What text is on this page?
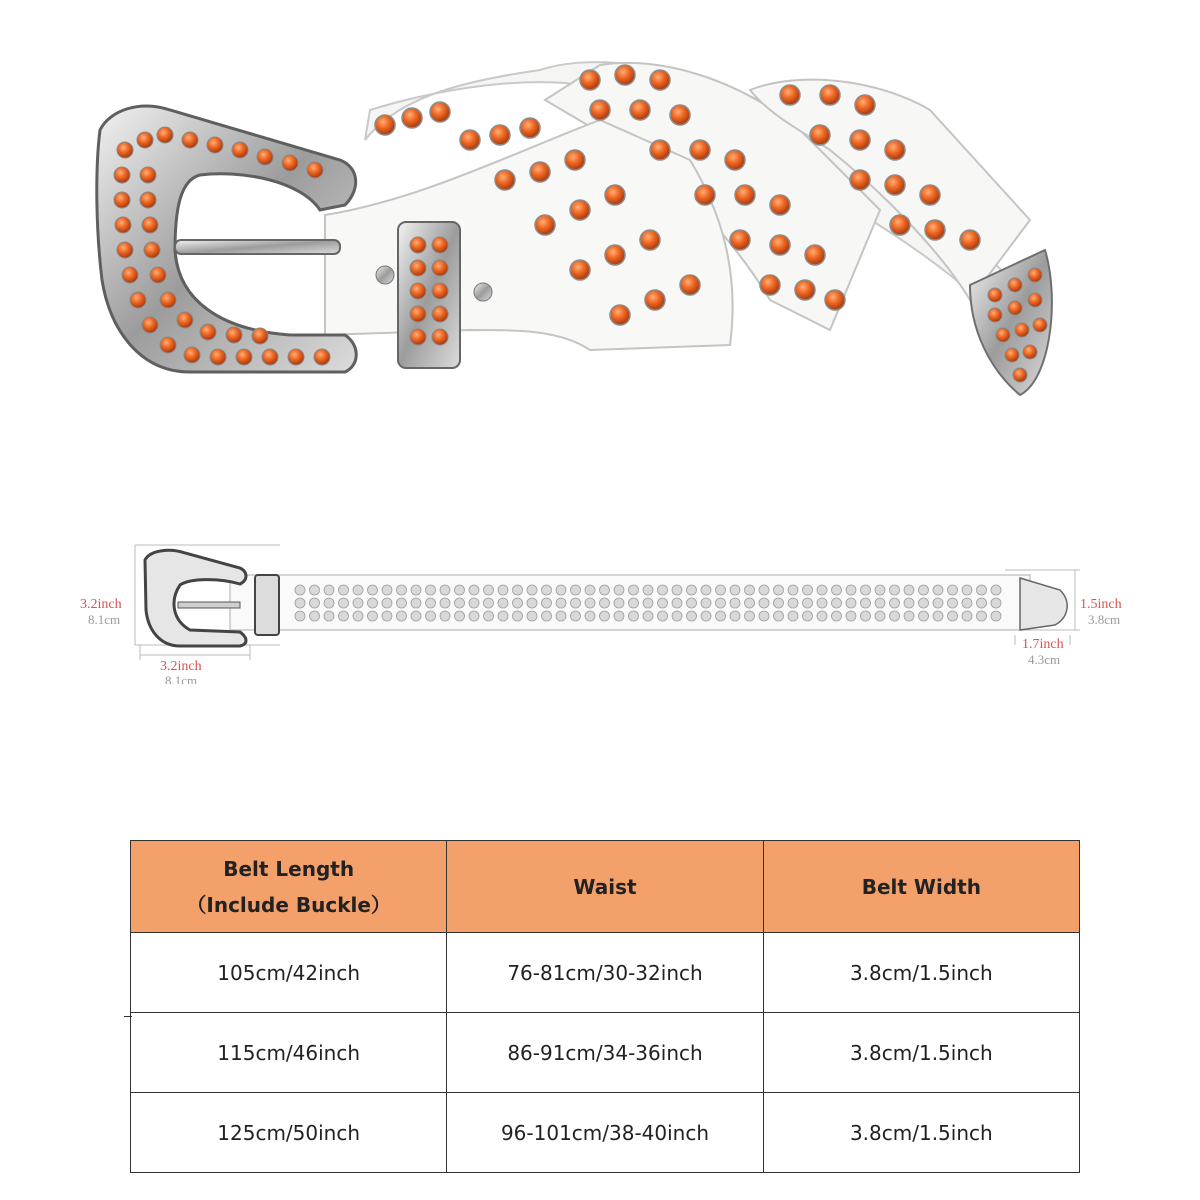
3.2inch
8.1cm
3.2inch
8.1cm
1.5inch
3.8cm
1.7inch
4.3cm
Belt Length
（Include Buckle）	Waist	Belt Width
105cm/42inch	76-81cm/30-32inch	3.8cm/1.5inch
115cm/46inch	86-91cm/34-36inch	3.8cm/1.5inch
125cm/50inch	96-101cm/38-40inch	3.8cm/1.5inch
